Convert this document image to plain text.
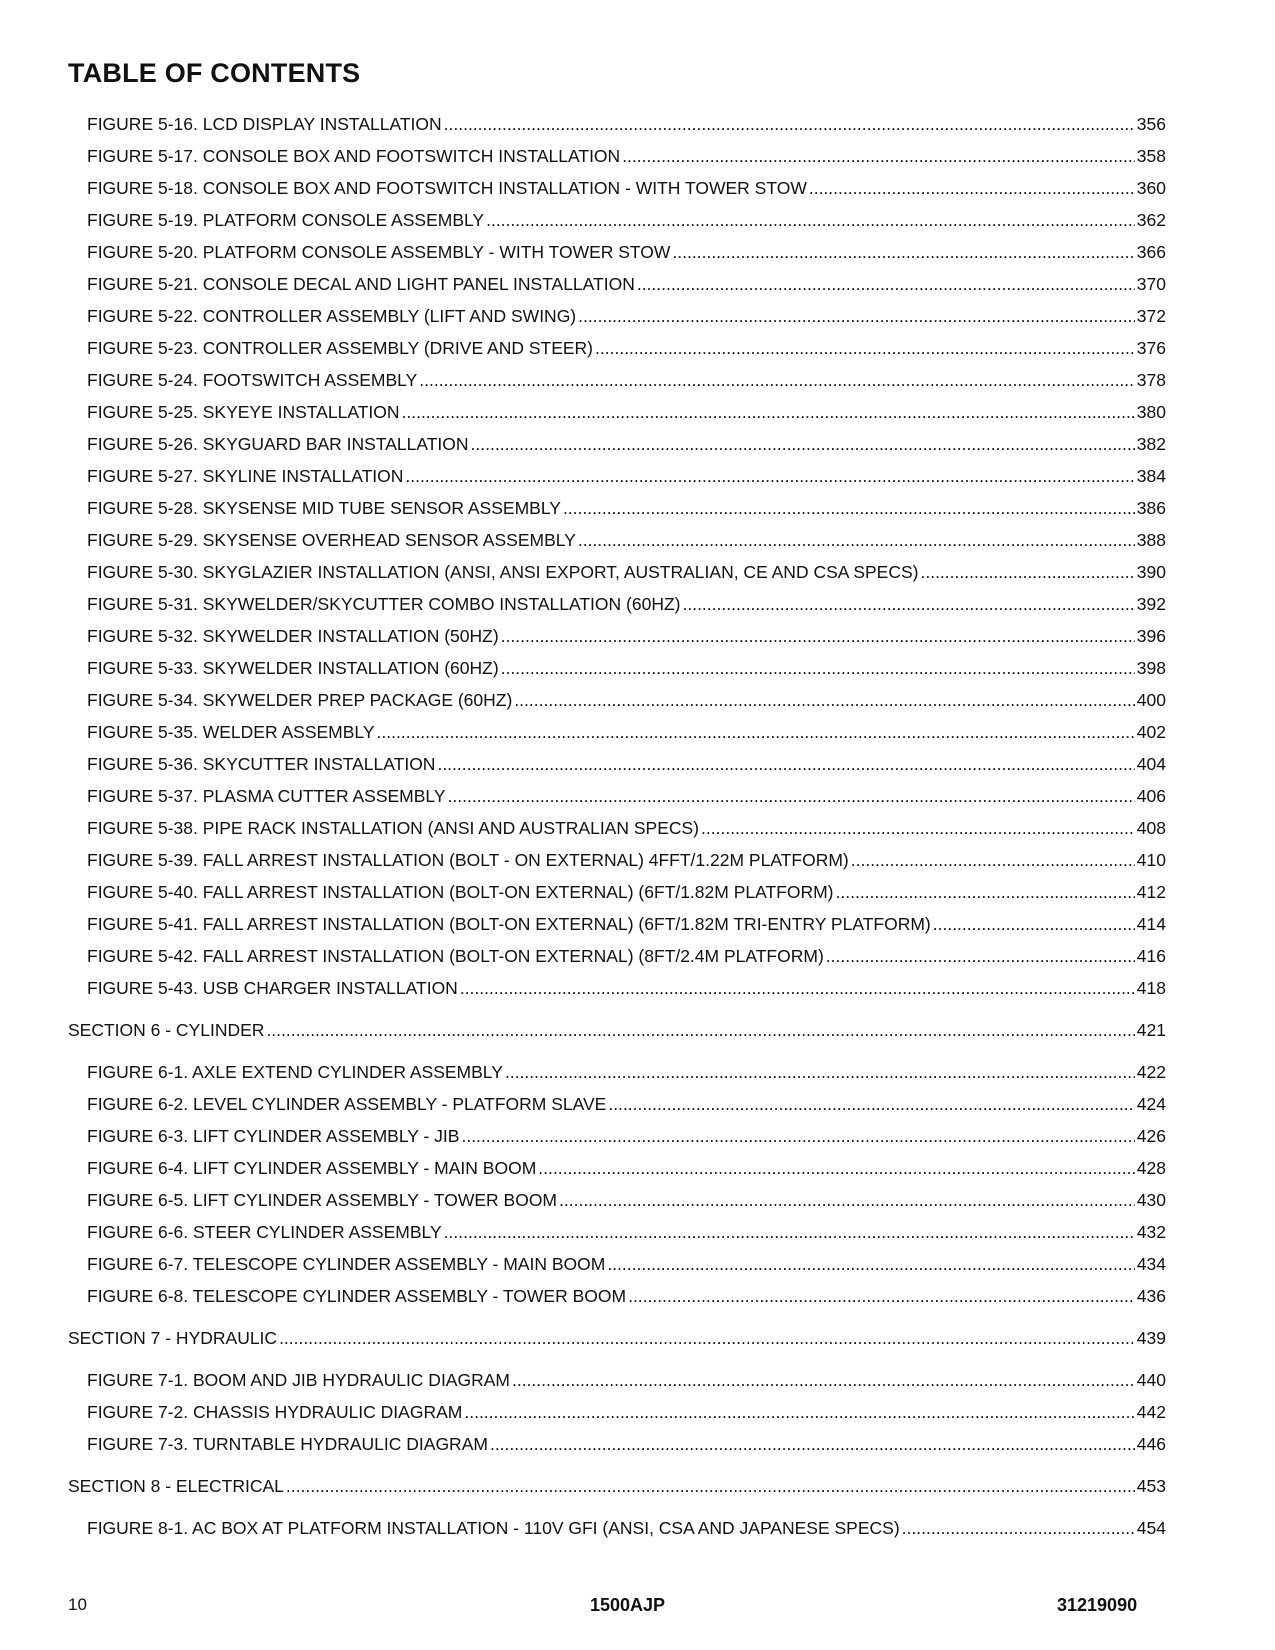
TABLE OF CONTENTS
FIGURE 5-16. LCD DISPLAY INSTALLATION .....	356
FIGURE 5-17. CONSOLE BOX AND FOOTSWITCH INSTALLATION .....	358
FIGURE 5-18. CONSOLE BOX AND FOOTSWITCH INSTALLATION - WITH TOWER STOW .....	360
FIGURE 5-19. PLATFORM CONSOLE ASSEMBLY .....	362
FIGURE 5-20. PLATFORM CONSOLE ASSEMBLY - WITH TOWER STOW .....	366
FIGURE 5-21. CONSOLE DECAL AND LIGHT PANEL INSTALLATION .....	370
FIGURE 5-22. CONTROLLER ASSEMBLY (LIFT AND SWING) .....	372
FIGURE 5-23. CONTROLLER ASSEMBLY (DRIVE AND STEER) .....	376
FIGURE 5-24. FOOTSWITCH ASSEMBLY .....	378
FIGURE 5-25. SKYEYE INSTALLATION .....	380
FIGURE 5-26. SKYGUARD BAR INSTALLATION .....	382
FIGURE 5-27. SKYLINE INSTALLATION .....	384
FIGURE 5-28. SKYSENSE MID TUBE SENSOR ASSEMBLY .....	386
FIGURE 5-29. SKYSENSE OVERHEAD SENSOR ASSEMBLY .....	388
FIGURE 5-30. SKYGLAZIER INSTALLATION (ANSI, ANSI EXPORT, AUSTRALIAN, CE AND CSA SPECS) .....	390
FIGURE 5-31. SKYWELDER/SKYCUTTER COMBO INSTALLATION (60HZ) .....	392
FIGURE 5-32. SKYWELDER INSTALLATION (50HZ) .....	396
FIGURE 5-33. SKYWELDER INSTALLATION (60HZ) .....	398
FIGURE 5-34. SKYWELDER PREP PACKAGE (60HZ) .....	400
FIGURE 5-35. WELDER ASSEMBLY .....	402
FIGURE 5-36. SKYCUTTER INSTALLATION .....	404
FIGURE 5-37. PLASMA CUTTER ASSEMBLY .....	406
FIGURE 5-38. PIPE RACK INSTALLATION (ANSI AND AUSTRALIAN SPECS) .....	408
FIGURE 5-39. FALL ARREST INSTALLATION (BOLT - ON EXTERNAL) 4FFT/1.22M PLATFORM) .....	410
FIGURE 5-40. FALL ARREST INSTALLATION (BOLT-ON EXTERNAL) (6FT/1.82M PLATFORM) .....	412
FIGURE 5-41. FALL ARREST INSTALLATION (BOLT-ON EXTERNAL) (6FT/1.82M TRI-ENTRY PLATFORM) .....	414
FIGURE 5-42. FALL ARREST INSTALLATION (BOLT-ON EXTERNAL) (8FT/2.4M PLATFORM) .....	416
FIGURE 5-43. USB CHARGER INSTALLATION .....	418
SECTION 6 - CYLINDER .....	421
FIGURE 6-1. AXLE EXTEND CYLINDER ASSEMBLY .....	422
FIGURE 6-2. LEVEL CYLINDER ASSEMBLY - PLATFORM SLAVE .....	424
FIGURE 6-3. LIFT CYLINDER ASSEMBLY - JIB .....	426
FIGURE 6-4. LIFT CYLINDER ASSEMBLY - MAIN BOOM .....	428
FIGURE 6-5. LIFT CYLINDER ASSEMBLY - TOWER BOOM .....	430
FIGURE 6-6. STEER CYLINDER ASSEMBLY .....	432
FIGURE 6-7. TELESCOPE CYLINDER ASSEMBLY - MAIN BOOM .....	434
FIGURE 6-8. TELESCOPE CYLINDER ASSEMBLY - TOWER BOOM .....	436
SECTION 7 - HYDRAULIC .....	439
FIGURE 7-1. BOOM AND JIB HYDRAULIC DIAGRAM .....	440
FIGURE 7-2. CHASSIS HYDRAULIC DIAGRAM .....	442
FIGURE 7-3. TURNTABLE HYDRAULIC DIAGRAM .....	446
SECTION 8 - ELECTRICAL .....	453
FIGURE 8-1. AC BOX AT PLATFORM INSTALLATION - 110V GFI (ANSI, CSA AND JAPANESE SPECS) .....	454
10	1500AJP	31219090
